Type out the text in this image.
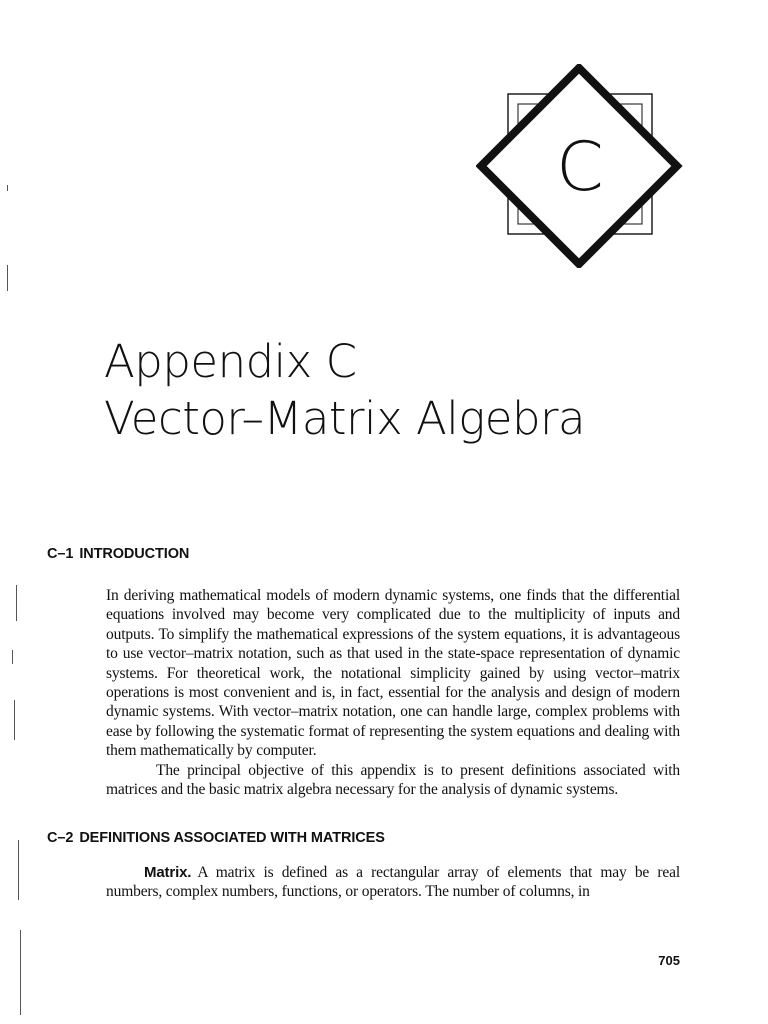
C
Appendix C
Vector–Matrix Algebra
C–1 INTRODUCTION

In deriving mathematical models of modern dynamic systems, one finds that the differential equations involved may become very complicated due to the multiplicity of inputs and outputs. To simplify the mathematical expressions of the system equations, it is advantageous to use vector–matrix notation, such as that used in the state-space representation of dynamic systems. For theoretical work, the notational simplicity gained by using vector–matrix operations is most convenient and is, in fact, essential for the analysis and design of modern dynamic systems. With vector–matrix notation, one can handle large, complex problems with ease by following the systematic format of representing the system equations and dealing with them mathematically by computer.

The principal objective of this appendix is to present definitions associated with matrices and the basic matrix algebra necessary for the analysis of dynamic systems.

C–2 DEFINITIONS ASSOCIATED WITH MATRICES
Matrix. A matrix is defined as a rectangular array of elements that may be real numbers, complex numbers, functions, or operators. The number of columns, in
705
